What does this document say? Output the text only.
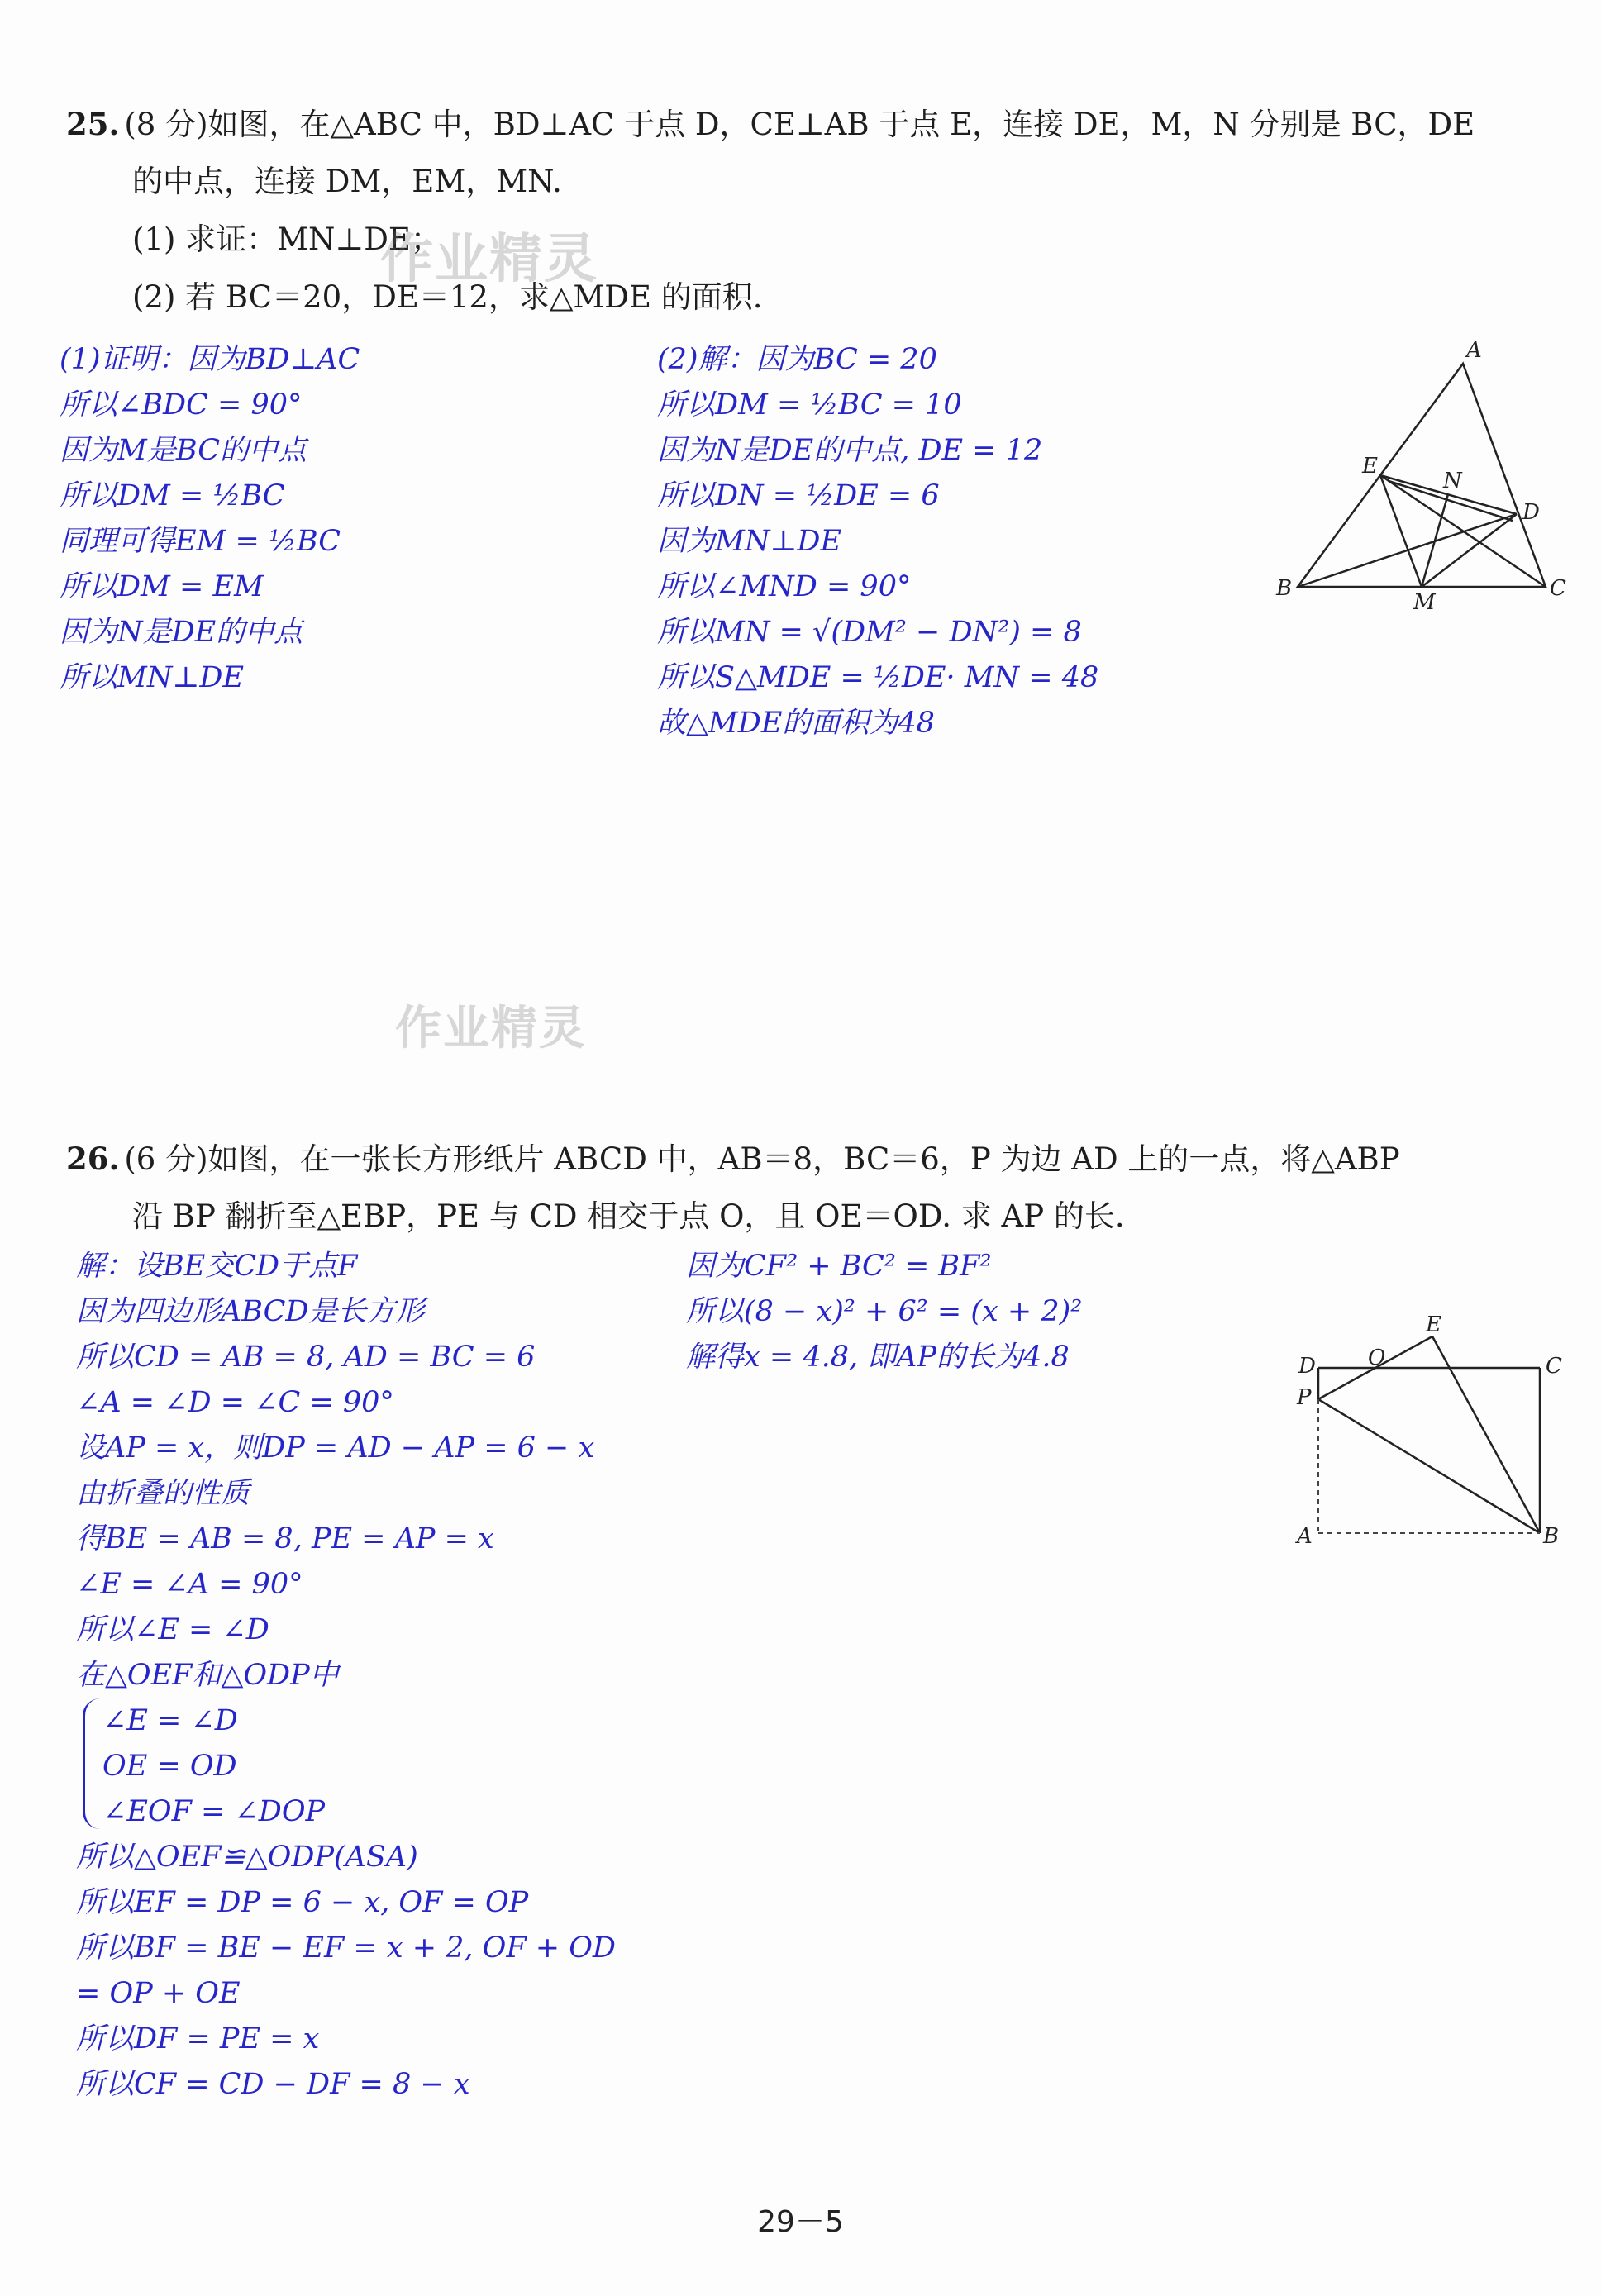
25. (8 分)如图，在△ABC 中，BD⊥AC 于点 D，CE⊥AB 于点 E，连接 DE，M，N 分别是 BC，DE
的中点，连接 DM，EM，MN.
(1) 求证：MN⊥DE；
(2) 若 BC＝20，DE＝12，求△MDE 的面积.
作业精灵
(1)证明：因为BD⊥AC
所以∠BDC = 90°
因为M是BC的中点
所以DM = ½BC
同理可得EM = ½BC
所以DM = EM
因为N是DE的中点
所以MN⊥DE
(2)解：因为BC = 20
所以DM = ½BC = 10
因为N是DE的中点, DE = 12
所以DN = ½DE = 6
因为MN⊥DE
所以∠MND = 90°
所以MN = √(DM² − DN²) = 8
所以S△MDE = ½DE· MN = 48
故△MDE的面积为48
A
E
N
D
B
M
C
作业精灵
26. (6 分)如图，在一张长方形纸片 ABCD 中，AB＝8，BC＝6，P 为边 AD 上的一点，将△ABP
沿 BP 翻折至△EBP，PE 与 CD 相交于点 O，且 OE＝OD. 求 AP 的长.
解：设BE交CD于点F
因为四边形ABCD是长方形
所以CD = AB = 8, AD = BC = 6
∠A = ∠D = ∠C = 90°
设AP = x，则DP = AD − AP = 6 − x
由折叠的性质
得BE = AB = 8, PE = AP = x
∠E = ∠A = 90°
所以∠E = ∠D
在△OEF和△ODP中
∠E = ∠D
OE = OD
∠EOF = ∠DOP
所以△OEF≌△ODP(ASA)
所以EF = DP = 6 − x, OF = OP
所以BF = BE − EF = x + 2, OF + OD
= OP + OE
所以DF = PE = x
所以CF = CD − DF = 8 − x
因为CF² + BC² = BF²
所以(8 − x)² + 6² = (x + 2)²
解得x = 4.8, 即AP的长为4.8
E
D O	C
P
A	B
29－5
